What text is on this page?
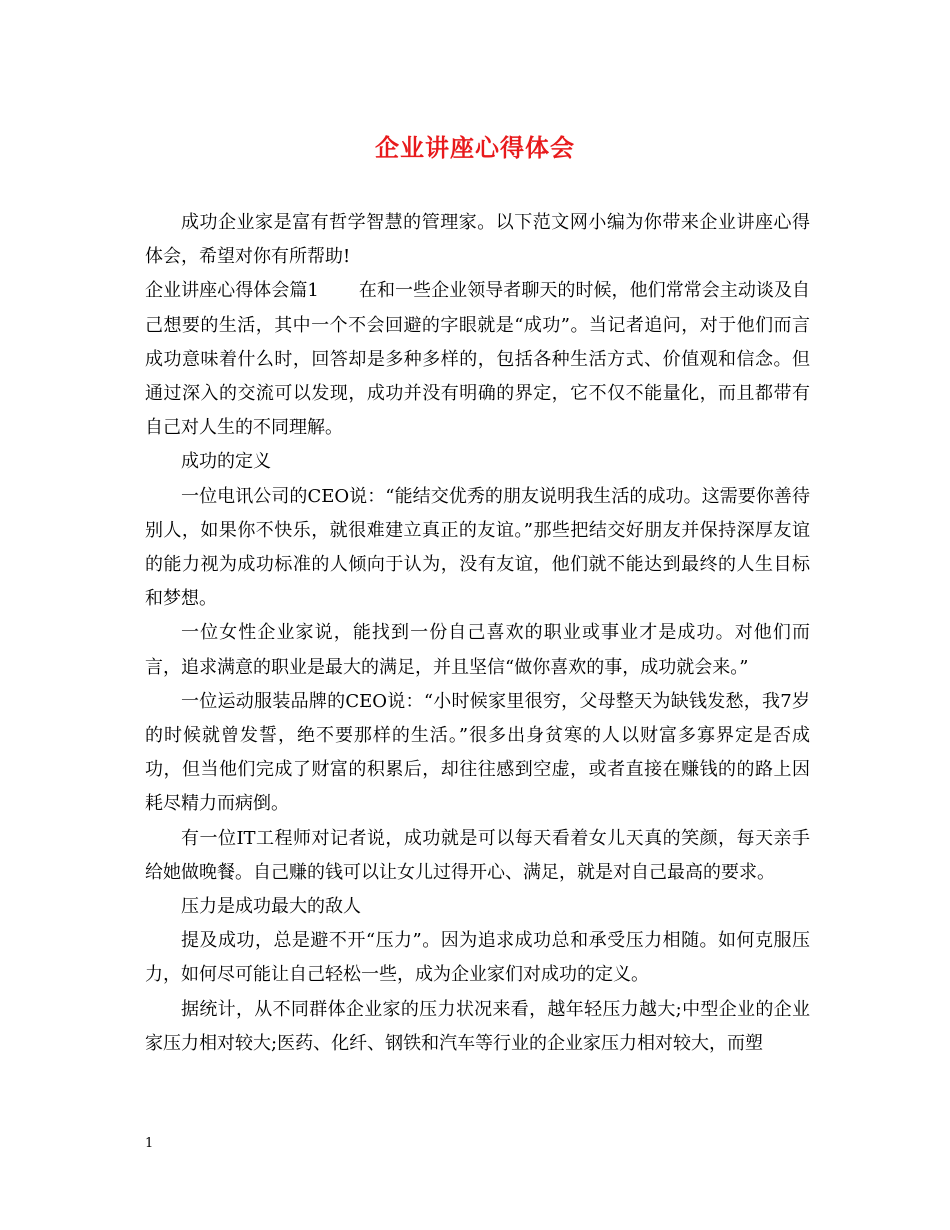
企业讲座心得体会

成功企业家是富有哲学智慧的管理家。以下范文网小编为你带来企业讲座心得体会，希望对你有所帮助!

企业讲座心得体会篇1 在和一些企业领导者聊天的时候，他们常常会主动谈及自己想要的生活，其中一个不会回避的字眼就是“成功”。当记者追问，对于他们而言成功意味着什么时，回答却是多种多样的，包括各种生活方式、价值观和信念。但通过深入的交流可以发现，成功并没有明确的界定，它不仅不能量化，而且都带有自己对人生的不同理解。

成功的定义

一位电讯公司的CEO说：“能结交优秀的朋友说明我生活的成功。这需要你善待别人，如果你不快乐，就很难建立真正的友谊。”那些把结交好朋友并保持深厚友谊的能力视为成功标准的人倾向于认为，没有友谊，他们就不能达到最终的人生目标和梦想。

一位女性企业家说，能找到一份自己喜欢的职业或事业才是成功。对他们而言，追求满意的职业是最大的满足，并且坚信“做你喜欢的事，成功就会来。”

一位运动服装品牌的CEO说：“小时候家里很穷，父母整天为缺钱发愁，我7岁的时候就曾发誓，绝不要那样的生活。”很多出身贫寒的人以财富多寡界定是否成功，但当他们完成了财富的积累后，却往往感到空虚，或者直接在赚钱的的路上因耗尽精力而病倒。

有一位IT工程师对记者说，成功就是可以每天看着女儿天真的笑颜，每天亲手给她做晚餐。自己赚的钱可以让女儿过得开心、满足，就是对自己最高的要求。

压力是成功最大的敌人

提及成功，总是避不开“压力”。因为追求成功总和承受压力相随。如何克服压力，如何尽可能让自己轻松一些，成为企业家们对成功的定义。

据统计，从不同群体企业家的压力状况来看，越年轻压力越大;中型企业的企业家压力相对较大;医药、化纤、钢铁和汽车等行业的企业家压力相对较大，而塑

1
